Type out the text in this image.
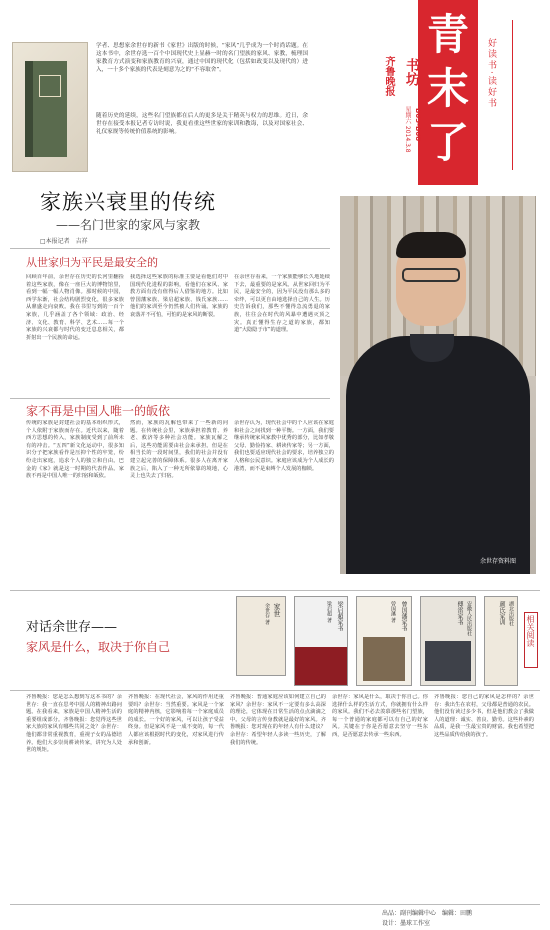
学者、思想家余世存的新书《家世》出版的时候，“家风”几乎成为一个时尚话题。在这本书中，余世存选一百个中国现代史上显赫一时的名门望族的家风、家教，梳理国家教育方式演变和家族教育的兴衰，通过中国的现代化（包括如政变以及现代的）进入，一十多个家族的代表是刻意为之的“不容取舍”。
随着历史的延续，这些名门望族都在后人的更多是关于精英与权力的思维。近日，余世存在接受本报记者专访时说，我更看重这些世家的家训和教诲，以及对国家社会、礼仪家规等传统价值系统的影响。
齐鲁晚报 书坊
星期六 2014.3.8 B05-B08
青
末
了
好读书·读好书
家族兴衰里的传统
——名门世家的家风与家教
□本报记者　吉祥
从世家归为平民是最安全的
回顾百年前，余世存在历史的长河里翻捡着这些家族，像在一座巨大的博物馆里，看到一幅一幅人物肖像。那时候的中国，西学东渐，社会结构剧烈变化，很多家族从鼎盛走向衰败。我在书里写到的一百个家族，几乎涵盖了各个领域：政治、经济、文化、教育、科学、艺术……每一个家族的兴衰都与时代的变迁息息相关，都折射出一个民族的命运。
我选择这些家族的标准主要是看他们对中国现代化进程的影响，看他们在家风、家教方面有没有值得后人借鉴的地方。比如曾国藩家族、梁启超家族、钱氏家族……他们的家训至今仍然被人们传诵。家族的衰落并不可怕，可怕的是家风的断裂。
在余世存看来，一个家族能够长久地延续下去，最重要的是家风。从世家回归为平民，是最安全的，因为平民没有那么多的牵绊，可以更自由地选择自己的人生。历史告诉我们，那些不懂得急流勇退的家族，往往会在时代的风暴中遭遇灭顶之灾。真正懂得生存之道的家族，都知道“大隐隐于市”的道理。
余世存资料图
家不再是中国人唯一的皈依
传统的家族是封建社会的基本组织形式，个人依附于家族而存在。近代以来，随着西方思想的传入，家族制度受到了前所未有的冲击。“五四”新文化运动中，很多知识分子把家族看作是压抑个性的牢笼，纷纷走出家庭，追求个人的独立和自由。巴金的《家》就是这一时期的代表作品。家族不再是中国人唯一的归宿和皈依。
然而，家族的瓦解也带来了一些新的问题。在传统社会里，家族承担着教育、养老、救济等多种社会功能。家族瓦解之后，这些功能需要由社会来承担。但是在相当长的一段时间里，我们的社会并没有建立起完善的保障体系。很多人在离开家族之后，陷入了一种无所依靠的境地，心灵上也失去了归宿。
余世存认为，现代社会中的个人应该在家庭和社会之间找到一种平衡。一方面，我们要继承传统家风家教中优秀的部分，比如孝敬父母、勤俭持家、耕读传家等；另一方面，我们也要适应现代社会的要求，培养独立的人格和公民意识。家庭应该成为个人成长的港湾，而不是束缚个人发展的枷锁。
家世
余世存 著	梁启超家书
梁启超 著	曾国藩家书
曾国藩 著	安徽人民出版社
傅雷家书	湖北出版社
颜氏家训
相关阅读
对话余世存——
家风是什么，取决于你自己
齐鲁晚报：您是怎么想到写这本书的？余世存：我一直在思考中国人的精神出路问题。在我看来，家族是中国人精神生活的重要组成部分。齐鲁晚报：您觉得这些世家大族的家风有哪些共同之处？余世存：他们都非常重视教育，重视子女的品德培养。他们大多崇尚耕读传家，讲究为人处世的规矩。
齐鲁晚报：在现代社会，家风的作用还重要吗？余世存：当然重要。家风是一个家庭的精神内核，它影响着每一个家庭成员的成长。一个好的家风，可以让孩子受益终身。但是家风不是一成不变的，每一代人都应该根据时代的变化，对家风进行传承和创新。
齐鲁晚报：普通家庭应该如何建立自己的家风？余世存：家风不一定要有多么高深的理论，它体现在日常生活的点点滴滴之中。父母的言传身教就是最好的家风。齐鲁晚报：您对现在的年轻人有什么建议？余世存：希望年轻人多读一些历史，了解我们的传统。
余世存：家风是什么，取决于你自己。你选择什么样的生活方式，你就拥有什么样的家风。我们不必去羡慕那些名门望族，每一个普通的家庭都可以有自己的好家风。关键在于你是否愿意去坚守一些东西，是否愿意去传承一些东西。
齐鲁晚报：您自己的家风是怎样的？余世存：我出生在农村，父母都是普通的农民。他们没有读过多少书，但是他们教会了我做人的道理：诚实、善良、勤劳。这些朴素的品质，是我一生最宝贵的财富。我也希望把这些品质传给我的孩子。
出品：副刊编辑中心　编辑：田鹏
设计：墨球工作室
